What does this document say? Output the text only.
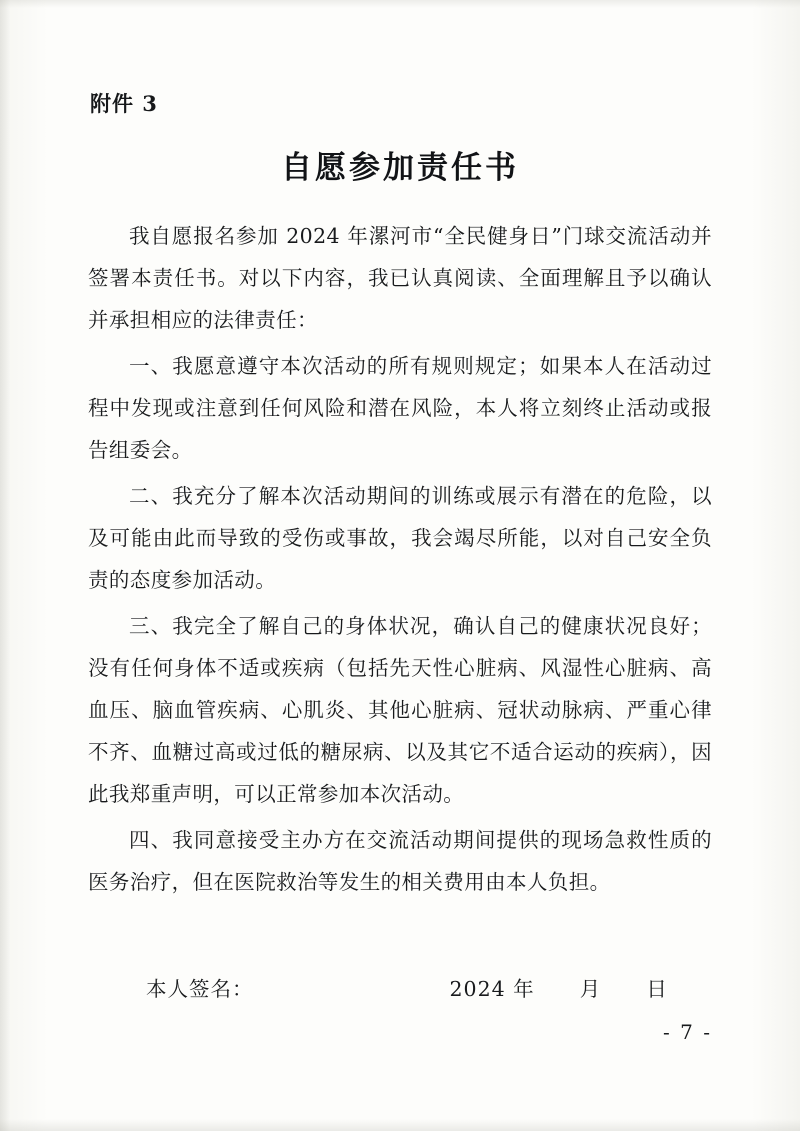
附件 3
自愿参加责任书

我自愿报名参加 2024 年漯河市“全民健身日”门球交流活动并签署本责任书。对以下内容，我已认真阅读、全面理解且予以确认并承担相应的法律责任：

一、我愿意遵守本次活动的所有规则规定；如果本人在活动过程中发现或注意到任何风险和潜在风险，本人将立刻终止活动或报告组委会。

二、我充分了解本次活动期间的训练或展示有潜在的危险，以及可能由此而导致的受伤或事故，我会竭尽所能，以对自己安全负责的态度参加活动。

三、我完全了解自己的身体状况，确认自己的健康状况良好；没有任何身体不适或疾病（包括先天性心脏病、风湿性心脏病、高血压、脑血管疾病、心肌炎、其他心脏病、冠状动脉病、严重心律不齐、血糖过高或过低的糖尿病、以及其它不适合运动的疾病），因此我郑重声明，可以正常参加本次活动。

四、我同意接受主办方在交流活动期间提供的现场急救性质的医务治疗，但在医院救治等发生的相关费用由本人负担。

本人签名：	2024 年      月      日
- 7 -
